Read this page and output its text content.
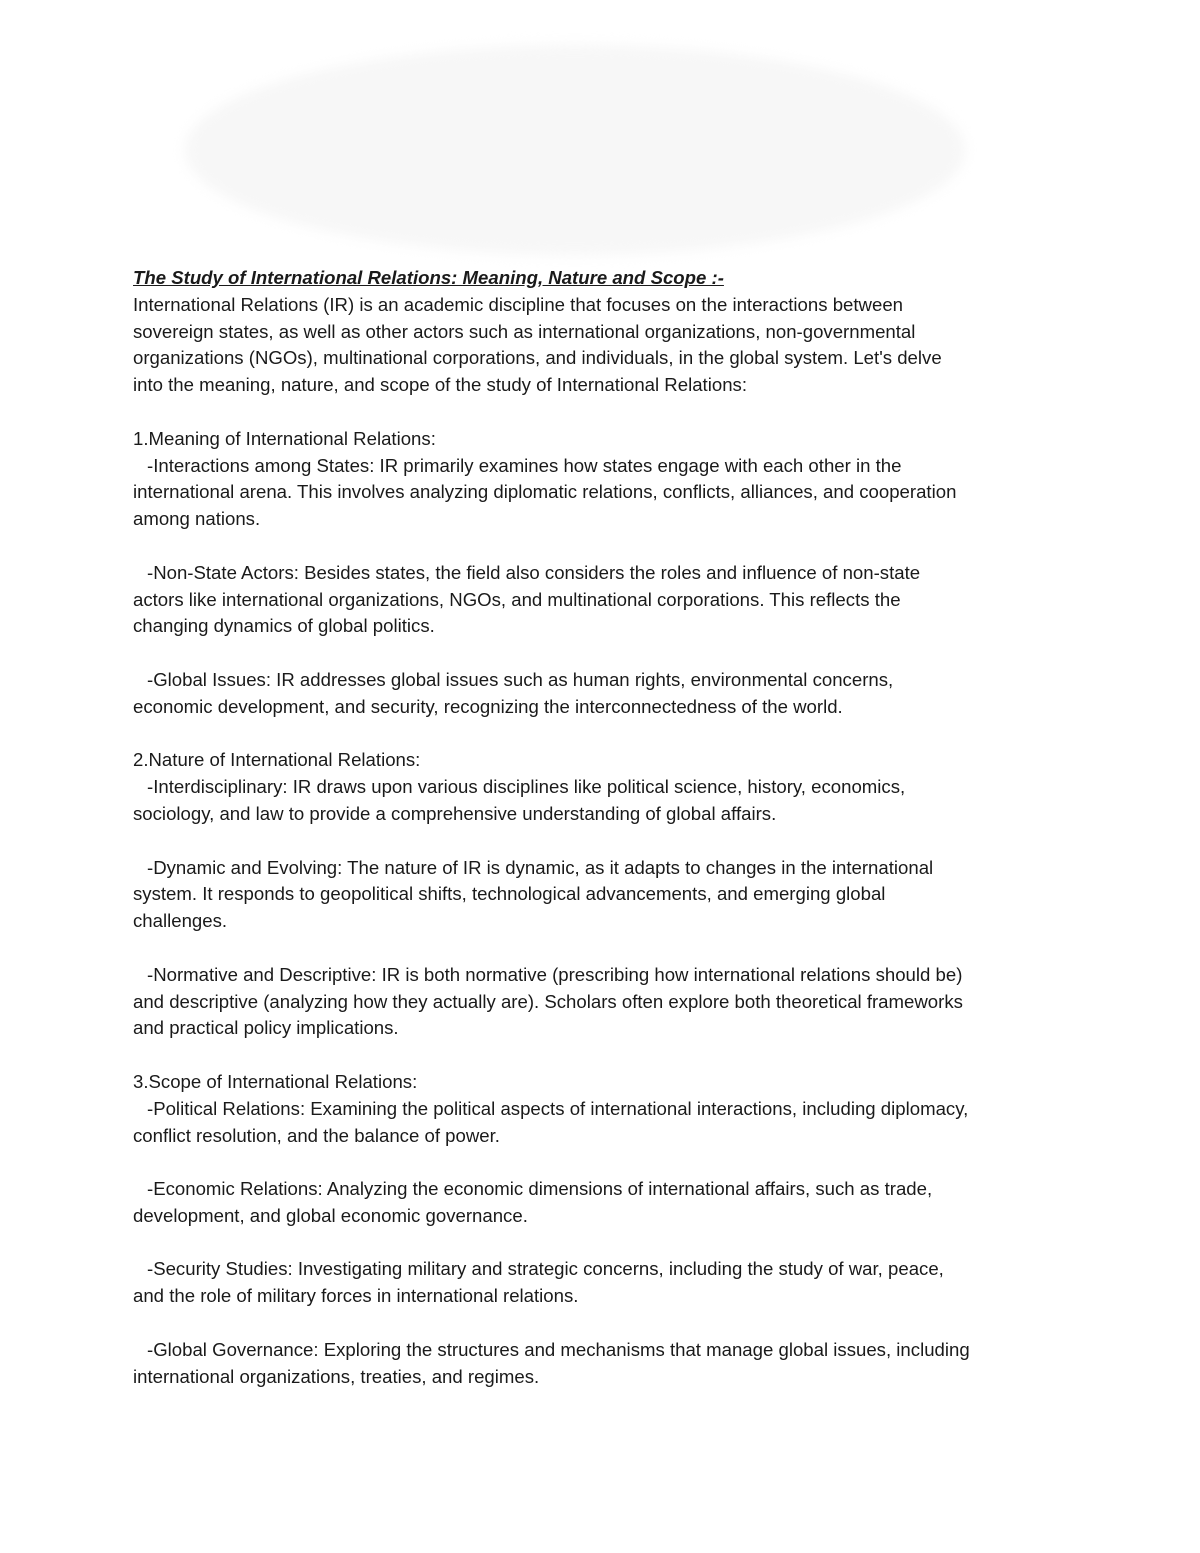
The Study of International Relations: Meaning, Nature and Scope :-

International Relations (IR) is an academic discipline that focuses on the interactions between sovereign states, as well as other actors such as international organizations, non-governmental organizations (NGOs), multinational corporations, and individuals, in the global system. Let's delve into the meaning, nature, and scope of the study of International Relations:

1.Meaning of International Relations:

-Interactions among States: IR primarily examines how states engage with each other in the international arena. This involves analyzing diplomatic relations, conflicts, alliances, and cooperation among nations.

-Non-State Actors: Besides states, the field also considers the roles and influence of non-state actors like international organizations, NGOs, and multinational corporations. This reflects the changing dynamics of global politics.

-Global Issues: IR addresses global issues such as human rights, environmental concerns, economic development, and security, recognizing the interconnectedness of the world.

2.Nature of International Relations:

-Interdisciplinary: IR draws upon various disciplines like political science, history, economics, sociology, and law to provide a comprehensive understanding of global affairs.

-Dynamic and Evolving: The nature of IR is dynamic, as it adapts to changes in the international system. It responds to geopolitical shifts, technological advancements, and emerging global challenges.

-Normative and Descriptive: IR is both normative (prescribing how international relations should be) and descriptive (analyzing how they actually are). Scholars often explore both theoretical frameworks and practical policy implications.

3.Scope of International Relations:

-Political Relations: Examining the political aspects of international interactions, including diplomacy, conflict resolution, and the balance of power.

-Economic Relations: Analyzing the economic dimensions of international affairs, such as trade, development, and global economic governance.

-Security Studies: Investigating military and strategic concerns, including the study of war, peace, and the role of military forces in international relations.

-Global Governance: Exploring the structures and mechanisms that manage global issues, including international organizations, treaties, and regimes.
